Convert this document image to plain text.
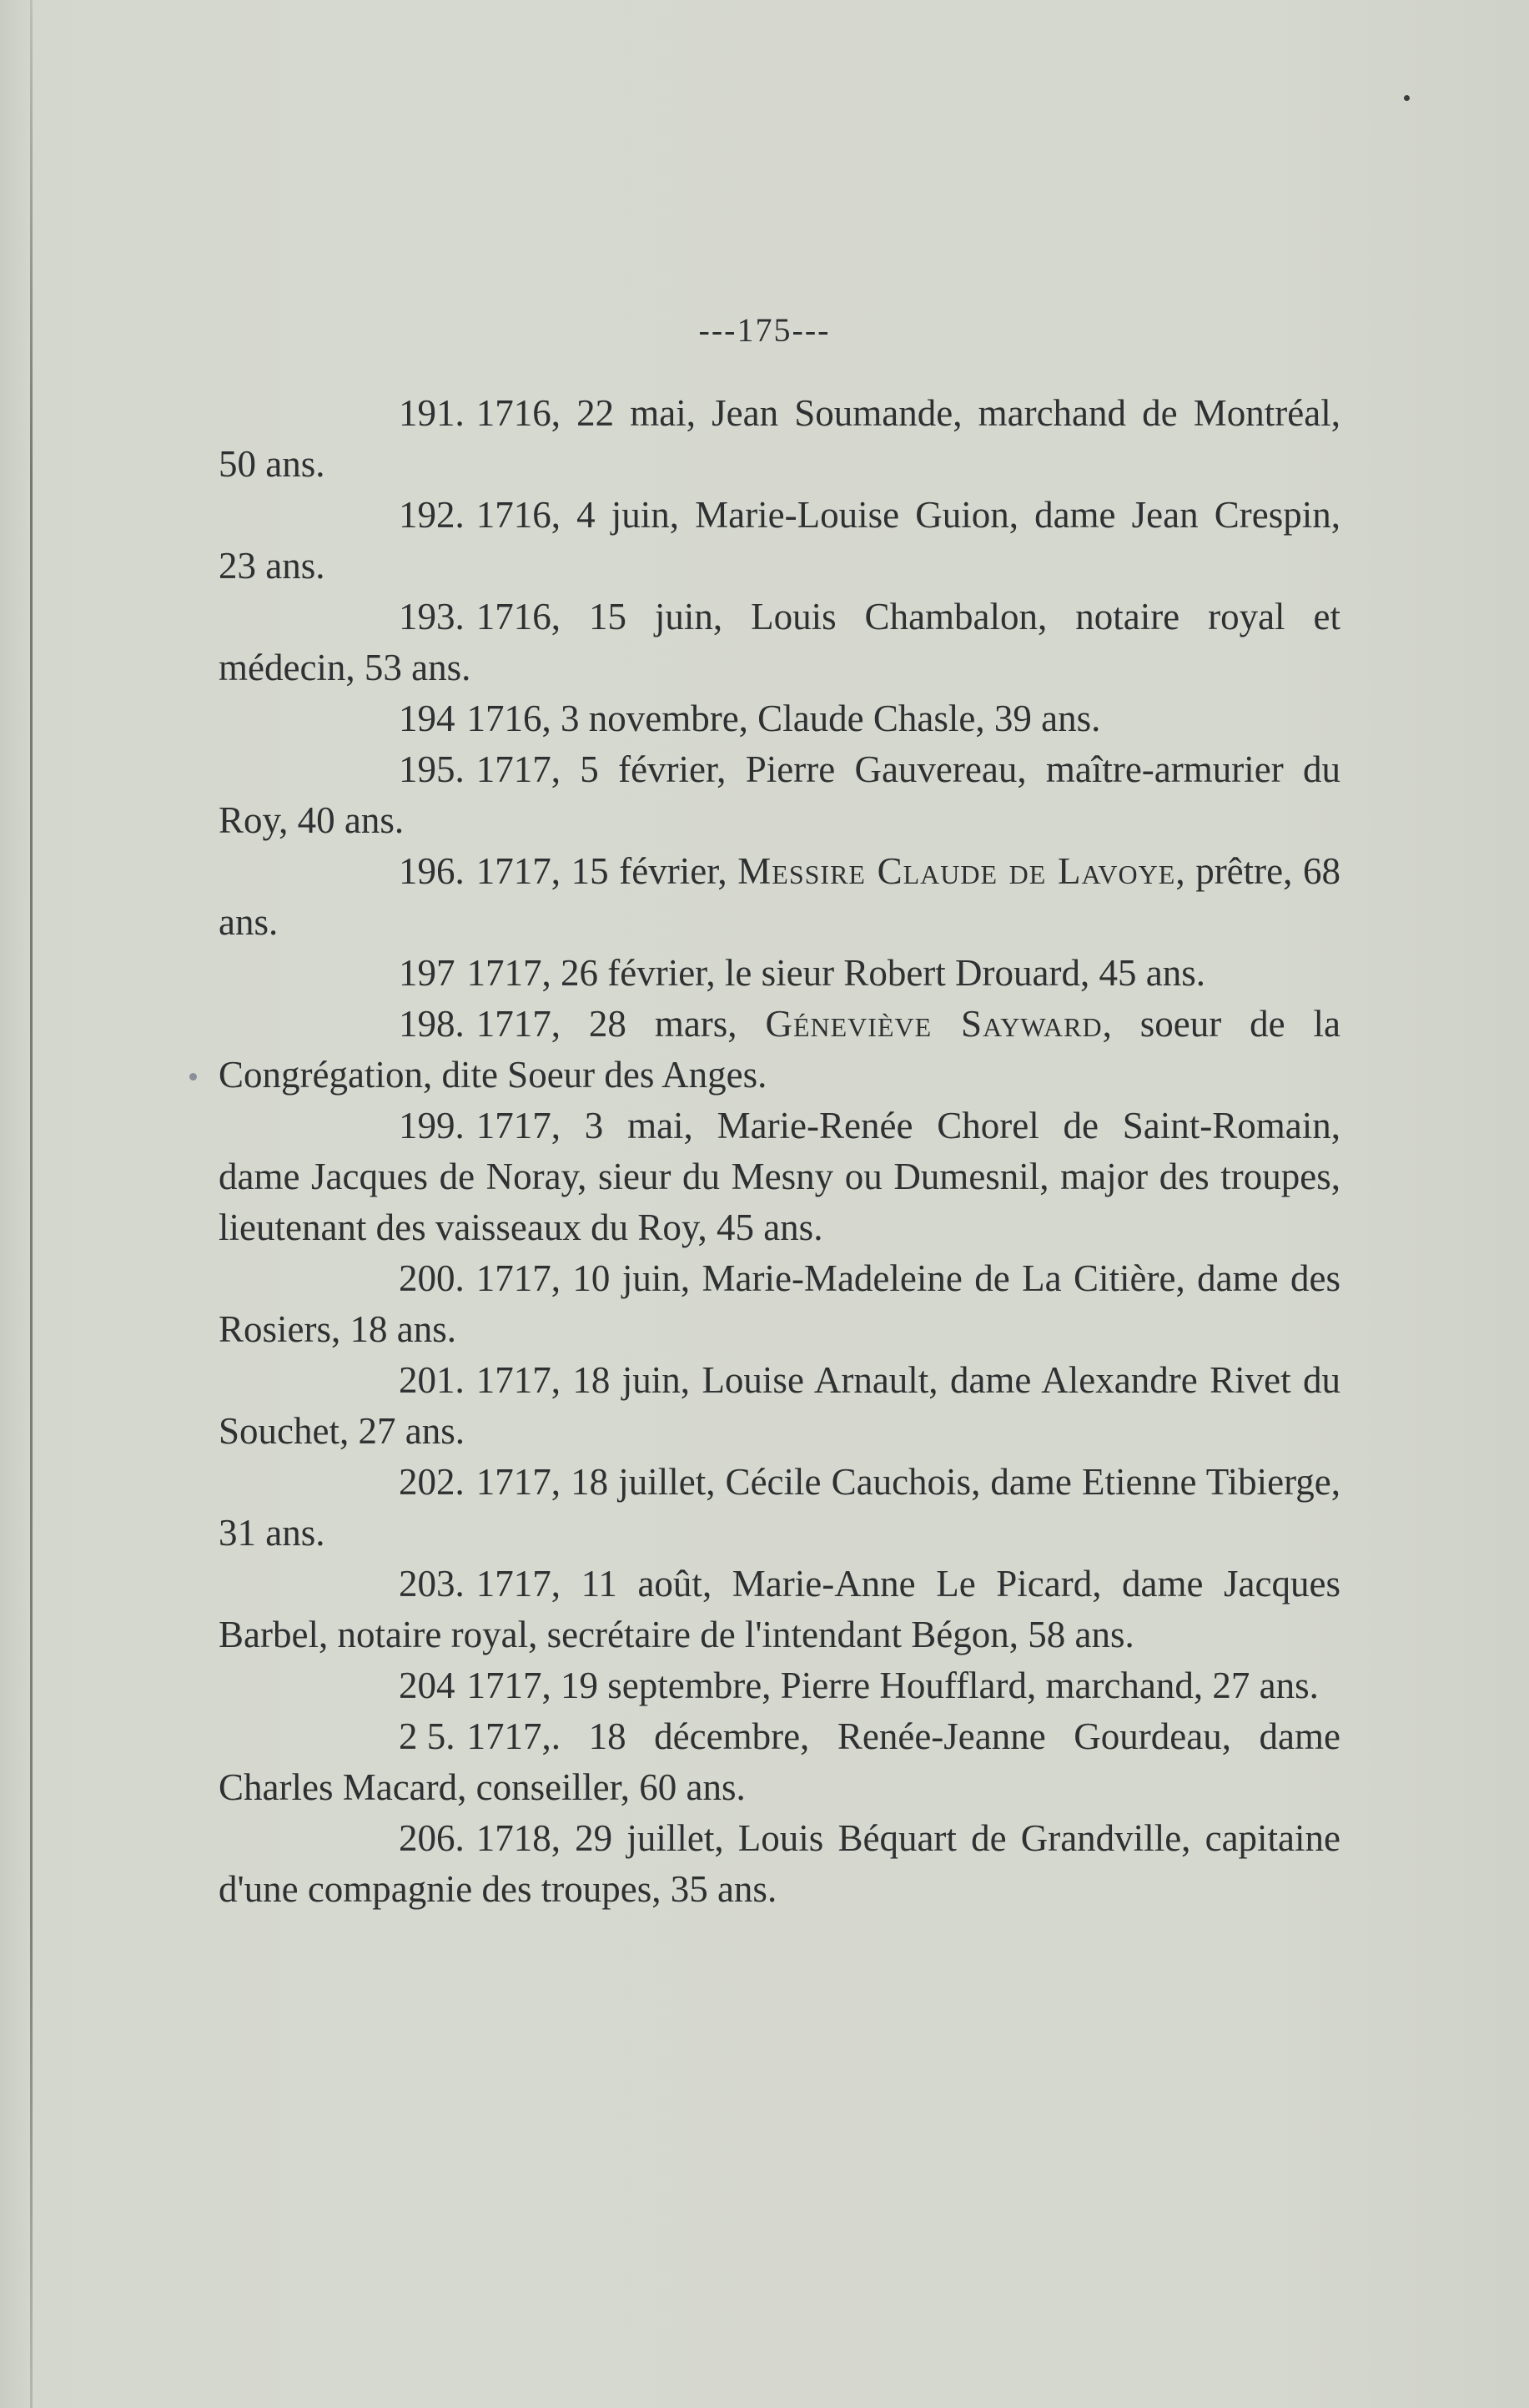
---175---

191. 1716, 22 mai, Jean Soumande, marchand de Montréal, 50 ans.

192. 1716, 4 juin, Marie-Louise Guion, dame Jean Crespin, 23 ans.

193. 1716, 15 juin, Louis Chambalon, notaire royal et médecin, 53 ans.

194 1716, 3 novembre, Claude Chasle, 39 ans.

195. 1717, 5 février, Pierre Gauvereau, maître-armurier du Roy, 40 ans.

196. 1717, 15 février, Messire Claude de Lavoye, prêtre, 68 ans.

197 1717, 26 février, le sieur Robert Drouard, 45 ans.

198. 1717, 28 mars, Géneviève Sayward, soeur de la Congrégation, dite Soeur des Anges.

199. 1717, 3 mai, Marie-Renée Chorel de Saint-Romain, dame Jacques de Noray, sieur du Mesny ou Dumesnil, major des troupes, lieutenant des vaisseaux du Roy, 45 ans.

200. 1717, 10 juin, Marie-Madeleine de La Citière, dame des Rosiers, 18 ans.

201. 1717, 18 juin, Louise Arnault, dame Alexandre Rivet du Souchet, 27 ans.

202. 1717, 18 juillet, Cécile Cauchois, dame Etienne Tibierge, 31 ans.

203. 1717, 11 août, Marie-Anne Le Picard, dame Jacques Barbel, notaire royal, secrétaire de l'intendant Bégon, 58 ans.

204 1717, 19 septembre, Pierre Houfflard, marchand, 27 ans.

2 5. 1717,. 18 décembre, Renée-Jeanne Gourdeau, dame Charles Macard, conseiller, 60 ans.

206. 1718, 29 juillet, Louis Béquart de Grandville, capitaine d'une compagnie des troupes, 35 ans.
